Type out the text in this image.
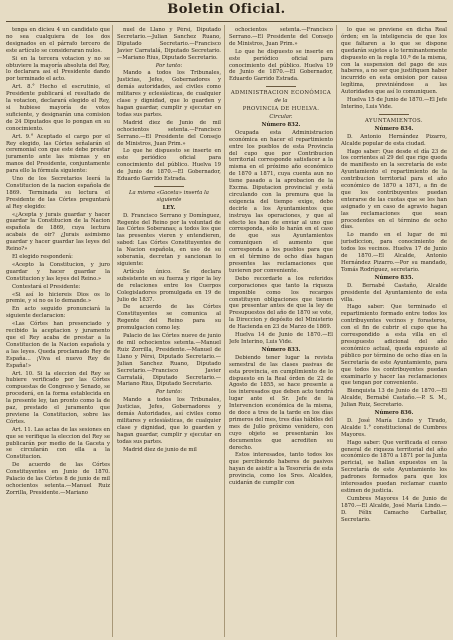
Boletin Oficial.

tenga en dicieu 4 un candidato que no sea cualquiera de los dos designados en el párrafo tercero de este artículo se consideraran nulos.

Si en la tercera votacion y no se obtuviere la mayoría absoluta del Rey, lo declarara así el Presidente dando por terminado el acto.

Art. 8.° Hecho el escrutinio, el Presidente publicará el resultado de la votacion, declarará elegido el Rey, si hubiese mayoría de votos suficiente, y designarán una comision de 24 Diputados que lo pongan en su conocimiento.

Art. 9.° Aceptado el cargo por el Rey elegido, las Córtes señalarán el ceremonial con que este debe prestar juramento ante las mismas y en manos del Presidente, conjuntamente para ello la fórmula siguiente:

Uno de los Secretarios leerá la Constitucion de la nacion española de 1869. Terminada su lectura el Presidente de las Córtes preguntará al Rey elegido:

«¿Acepta y jurais guardar y hacer guardar la Constitucion de la Nacion española de 1869, cuya lectura acabais de oir? ¿Jurais asimismo guardar y hacer guardar las leyes del Reino?»

El elegido responderá:

«Acepto la Constitucion, y juro guardar y hacer guardar la Constitucion y las leyes del Reino.»

Contestará el Presidente:

«Si así lo hiciereis Dios os lo premie, y si no os lo demande.»

En acto seguido pronunciará la siguiente declaracion:

«Las Córtes han presenciado y recibido la aceptacion y juramento que el Rey acaba de prestar a la Constitucion de la Nacion española y a las leyes. Queda proclamado Rey de España... ¡Viva el nuevo Rey de España!»

Art. 10. Si la eleccion del Rey se hubiere verificado por las Córtes compuestas de Congreso y Senado, se procederá, en la forma establecida en la presente ley, tan pronto como la de paz, prestado el juramento que previene la Constitucion, sobre las Córtes.

Art. 11. Las actas de las sesiones en que se verifique la eleccion del Rey se publicarán por medio de la Gaceta y se circularán con ella a la Constitucion.

De acuerdo de las Córtes Constituyentes en Junio de 1870. Palacio de las Córtes 8 de junio de mil ochocientos setenta.—Manuel Ruiz Zorrilla, Presidente.—Mariano

nuel de Llano y Pérsi, Diputado Secretario.—Julian Sanchez Ruano, Diputado Secretario.—Francisco Javier Carratalá, Diputado Secretario.—Mariano Rius, Diputado Secretario.

Por tanto:

Mando a todos los Tribunales, Justicias, Jefes, Gobernadores y demás autoridades, así civiles como militares y eclesiásticas, de cualquier clase y dignidad, que lo guarden y hagan guardar, cumplir y ejecutar en todas sus partes.

Madrid diez de Junio de mil ochocientos setenta.—Francisco Serrano.—El Presidente del Consejo de Ministros, Juan Prim.»

Lo que he dispuesto se inserte en este periódico oficial para conocimiento del público. Huelva 19 de Junio de 1870.—El Gobernador, Eduardo Garrido Estrada.

La misma «Gaceta» inserta la siguiente

LEY.

D. Francisco Serrano y Domínguez, Regente del Reino por la voluntad de las Córtes Soberanas; a todos los que las presentes vieren y entendieren, sabed: Las Córtes Constituyentes de la Nacion española, en uso de su soberanía, decretan y sancionan lo siguiente:

Artículo único. Se declara subsistente en su fuerza y rigor la ley de relaciones entre los Cuerpos Colegisladores promulgada en 19 de Julio de 1837.

De acuerdo de las Córtes Constituyentes se comunica al Regente del Reino para su promulgacion como ley.

Palacio de las Córtes nueve de junio de mil ochocientos setenta.—Manuel Ruiz Zorrilla, Presidente.—Manuel de Llano y Pérsi, Diputado Secretario.—Julian Sanchez Ruano, Diputado Secretario.—Francisco Javier Carratalá, Diputado Secretario.—Mariano Rius, Diputado Secretario.

Por tanto:

Mando a todos los Tribunales, Justicias, Jefes, Gobernadores y demás Autoridades, así civiles como militares y eclesiásticas, de cualquier clase y dignidad, que lo guarden y hagan guardar, cumplir y ejecutar en todas sus partes.

Madrid diez de junio de mil

ochocientos setenta.—Francisco Serrano.—El Presidente del Consejo de Ministros, Juan Prim.»

Lo que he dispuesto se inserte en este periódico oficial para conocimiento del público. Huelva 19 de Junio de 1870.—El Gobernador, Eduardo Garrido Estrada.

ADMINISTRACION ECONÓMICA

de la

PROVINCIA DE HUELVA.

Circular.

Número 832.

Ocupada esta Administracion económica en hacer el repartimiento entre los pueblos de esta Provincia del cupo que por Contribucion territorial corresponde satisfacer a la misma en el próximo año económico de 1870 a 1871, cuya cuenta aun no tiene pasado a la aprobacion de la Excma. Diputacion provincial y está circulando con la premura que la exigencia del tiempo exige, debo decirle a los Ayuntamientos que instruya las operaciones, y que al efecto les han de enviar al uno que corresponda, sólo lo harán en el caso de que sus Ayuntamientos comuniquen el aumento que corresponda a los pueblos para que en el término de ocho días hagan presentes las reclamaciones que tuvieren por conveniente.

Debo recordarle a los referidos corporaciones que tanto la riqueza imponible como los recargos constituyen obligaciones que tienen que presentar antes de que la ley de Presupuestos del año de 1870 se vote, la Direccion y depósito del Ministerio de Hacienda en 23 de Marzo de 1869.

Huelva 14 de Junio de 1870.—El Jefe Interino, Luis Vide.

Número 833.

Debiendo tener lugar la revista semestral de las clases pasivas de esta provincia, en cumplimiento de lo dispuesto en la Real órden de 22 de Agosto de 1855, se hace presente a los interesados que deben acto tendrá lugar ante el Sr. Jefe de la Intervencion económica de la misma, de doce a tres de la tarde en los días primeros del mes, tres días hábiles del mes de Julio próximo venidero, con cuyo objeto se presentarán los documentos que acrediten su derecho.

Estos interesados, tanto todos los que percibiendo haberes de pasivos hayan de asistir a la Tesorería de esta provincia, como los Sres. Alcaldes, cuidarán de cumplir con

lo que se previene en dicha Real órden; en la inteligencia de que los que faltaren a lo que se dispone quedarán sujetos a lo terminantemente dispuesto en la regla 10.ª de la misma, con la suspension del pago de sus haberes, a no ser que justifiquen haber incurrido en esta omision por causa legítima, previniéndose a las Autoridades que así lo comuniquen.

Huelva 15 de Junio de 1870.—El Jefe Interino, Luis Vide.

AYUNTAMIENTOS.

Número 834.

D. Antonio Hernández Pizarro, Alcalde popular de esta ciudad.

Hago saber: Que desde el día 23 de los corrientes al 29 del que rige queda de manifiesto en la secretaría de este Ayuntamiento el repartimiento de la contribucion territorial para el año económico de 1870 a 1871, a fin de que los contribuyentes puedan enterarse de las cuotas que se les han asignado y en caso de agravio hagan las reclamaciones que sean procedentes en el término de ocho días.

Lo mando en el lugar de mi jurisdiccion, para conocimiento de todos los vecinos. Huelva 17 de Junio de 1870.—El Alcalde, Antonio Hernández Pizarro.—Por su mandado, Tomás Rodríguez, secretario.

Número 835.

D. Bernabé Castaño, Alcalde presidente del Ayuntamiento de esta villa.

Hago saber: Que terminado el repartimiento formado entre todos los contribuyentes vecinos y forasteros, con el fin de cubrir el cupo que ha correspondido a esta villa en el presupuesto adicional del año económico actual, queda expuesto al público por término de ocho días en la Secretaría de este Ayuntamiento, para que todos los contribuyentes puedan examinarlo y hacer las reclamaciones que tengan por conveniente.

Bienquista 13 de Junio de 1870.—El Alcalde, Bernabé Castaño.—P. S. M., Julian Ruiz, Secretario.

Número 836.

D. José María Lindo y Tirado, Alcalde 1.° constitucional de Cumbres Mayores.

Hago saber: Que verificada el censo general de riqueza territorial del año económico de 1870 a 1871 por la Junta pericial, se hallan expuestos en la Secretaría de este Ayuntamiento los padrones formados para que los interesados puedan reclamar cuanto estimen de justicia.

Cumbres Mayores 14 de Junio de 1870.—El Alcalde, José María Lindo.—D. Félix Camacho Carballar, Secretario.
